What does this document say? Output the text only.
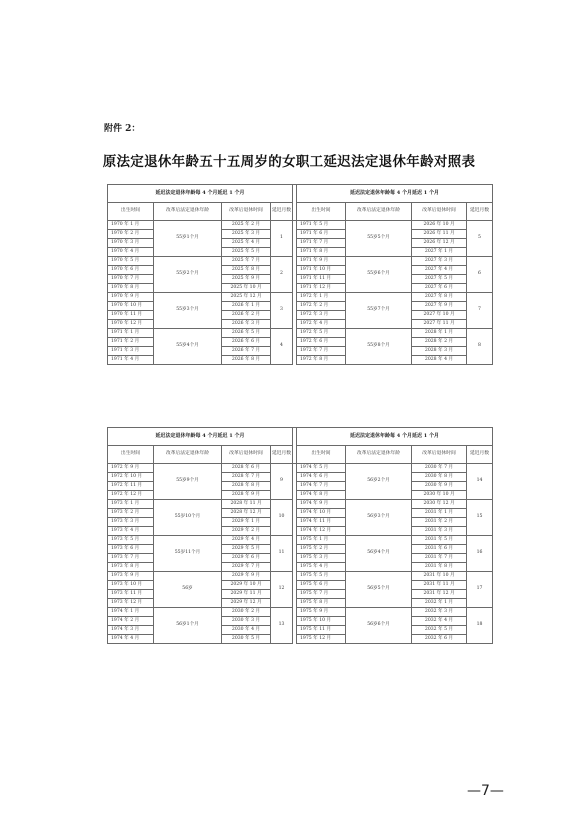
附件 2：
原法定退休年龄五十五周岁的女职工延迟法定退休年龄对照表
延迟法定退休年龄每 4 个月延迟 1 个月					延迟法定退休年龄每 4 个月延迟 1 个月			
出生时间	改革后法定退休年龄	改革后退休时间	延迟月数		出生时间	改革后法定退休年龄	改革后退休时间	延迟月数
1970 年 1 月	55岁1个月	2025 年 2 月	1		1971 年 5 月	55岁5个月	2026 年 10 月	5
1970 年 2 月		2025 年 3 月			1971 年 6 月		2026 年 11 月	
1970 年 3 月		2025 年 4 月			1971 年 7 月		2026 年 12 月	
1970 年 4 月		2025 年 5 月			1971 年 8 月		2027 年 1 月	
1970 年 5 月	55岁2个月	2025 年 7 月	2		1971 年 9 月	55岁6个月	2027 年 3 月	6
1970 年 6 月		2025 年 8 月			1971 年 10 月		2027 年 4 月	
1970 年 7 月		2025 年 9 月			1971 年 11 月		2027 年 5 月	
1970 年 8 月		2025 年 10 月			1971 年 12 月		2027 年 6 月	
1970 年 9 月	55岁3个月	2025 年 12 月	3		1972 年 1 月	55岁7个月	2027 年 8 月	7
1970 年 10 月		2026 年 1 月			1972 年 2 月		2027 年 9 月	
1970 年 11 月		2026 年 2 月			1972 年 3 月		2027 年 10 月	
1970 年 12 月		2026 年 3 月			1972 年 4 月		2027 年 11 月	
1971 年 1 月	55岁4个月	2026 年 5 月	4		1972 年 5 月	55岁8个月	2028 年 1 月	8
1971 年 2 月		2026 年 6 月			1972 年 6 月		2028 年 2 月	
1971 年 3 月		2026 年 7 月			1972 年 7 月		2028 年 3 月	
1971 年 4 月		2026 年 8 月			1972 年 8 月		2028 年 4 月	
延迟法定退休年龄每 4 个月延迟 1 个月					延迟法定退休年龄每 4 个月延迟 1 个月			
出生时间	改革后法定退休年龄	改革后退休时间	延迟月数		出生时间	改革后法定退休年龄	改革后退休时间	延迟月数
1972 年 9 月	55岁9个月	2028 年 6 月	9		1974 年 5 月	56岁2个月	2030 年 7 月	14
1972 年 10 月		2028 年 7 月			1974 年 6 月		2030 年 8 月	
1972 年 11 月		2028 年 8 月			1974 年 7 月		2030 年 9 月	
1972 年 12 月		2028 年 9 月			1974 年 8 月		2030 年 10 月	
1973 年 1 月	55岁10个月	2028 年 11 月	10		1974 年 9 月	56岁3个月	2030 年 12 月	15
1973 年 2 月		2028 年 12 月			1974 年 10 月		2031 年 1 月	
1973 年 3 月		2029 年 1 月			1974 年 11 月		2031 年 2 月	
1973 年 4 月		2029 年 2 月			1974 年 12 月		2031 年 3 月	
1973 年 5 月	55岁11个月	2029 年 4 月	11		1975 年 1 月	56岁4个月	2031 年 5 月	16
1973 年 6 月		2029 年 5 月			1975 年 2 月		2031 年 6 月	
1973 年 7 月		2029 年 6 月			1975 年 3 月		2031 年 7 月	
1973 年 8 月		2029 年 7 月			1975 年 4 月		2031 年 8 月	
1973 年 9 月	56岁	2029 年 9 月	12		1975 年 5 月	56岁5个月	2031 年 10 月	17
1973 年 10 月		2029 年 10 月			1975 年 6 月		2031 年 11 月	
1973 年 11 月		2029 年 11 月			1975 年 7 月		2031 年 12 月	
1973 年 12 月		2029 年 12 月			1975 年 8 月		2032 年 1 月	
1974 年 1 月	56岁1个月	2030 年 2 月	13		1975 年 9 月	56岁6个月	2032 年 3 月	18
1974 年 2 月		2030 年 3 月			1975 年 10 月		2032 年 4 月	
1974 年 3 月		2030 年 4 月			1975 年 11 月		2032 年 5 月	
1974 年 4 月		2030 年 5 月			1975 年 12 月		2032 年 6 月	
—7—
